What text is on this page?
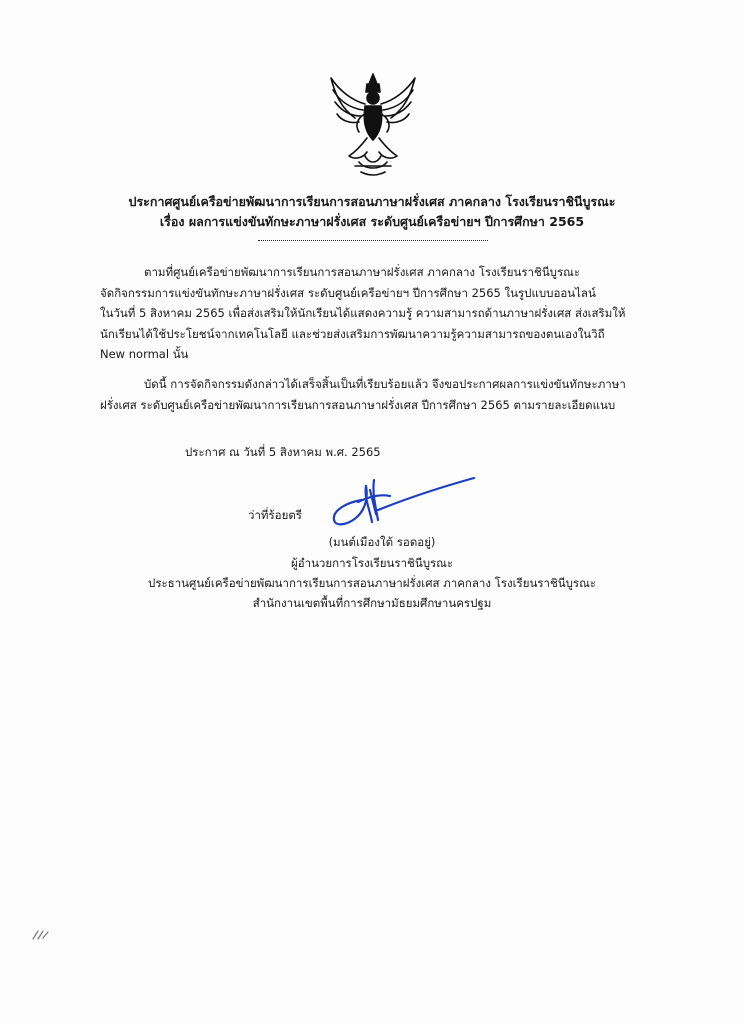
ประกาศศูนย์เครือข่ายพัฒนาการเรียนการสอนภาษาฝรั่งเศส ภาคกลาง โรงเรียนราชินีบูรณะ
เรื่อง ผลการแข่งขันทักษะภาษาฝรั่งเศส ระดับศูนย์เครือข่ายฯ ปีการศึกษา 2565
ตามที่ศูนย์เครือข่ายพัฒนาการเรียนการสอนภาษาฝรั่งเศส ภาคกลาง โรงเรียนราชินีบูรณะ
จัดกิจกรรมการแข่งขันทักษะภาษาฝรั่งเศส ระดับศูนย์เครือข่ายฯ ปีการศึกษา 2565 ในรูปแบบออนไลน์
ในวันที่ 5 สิงหาคม 2565 เพื่อส่งเสริมให้นักเรียนได้แสดงความรู้ ความสามารถด้านภาษาฝรั่งเศส ส่งเสริมให้
นักเรียนได้ใช้ประโยชน์จากเทคโนโลยี และช่วยส่งเสริมการพัฒนาความรู้ความสามารถของตนเองในวิถี
New normal นั้น
บัดนี้ การจัดกิจกรรมดังกล่าวได้เสร็จสิ้นเป็นที่เรียบร้อยแล้ว จึงขอประกาศผลการแข่งขันทักษะภาษา
ฝรั่งเศส ระดับศูนย์เครือข่ายพัฒนาการเรียนการสอนภาษาฝรั่งเศส ปีการศึกษา 2565 ตามรายละเอียดแนบ
ประกาศ ณ วันที่ 5 สิงหาคม พ.ศ. 2565
ว่าที่ร้อยตรี
(มนต์เมืองใต้ รอดอยู่)
ผู้อำนวยการโรงเรียนราชินีบูรณะ
ประธานศูนย์เครือข่ายพัฒนาการเรียนการสอนภาษาฝรั่งเศส ภาคกลาง โรงเรียนราชินีบูรณะ
สำนักงานเขตพื้นที่การศึกษามัธยมศึกษานครปฐม
